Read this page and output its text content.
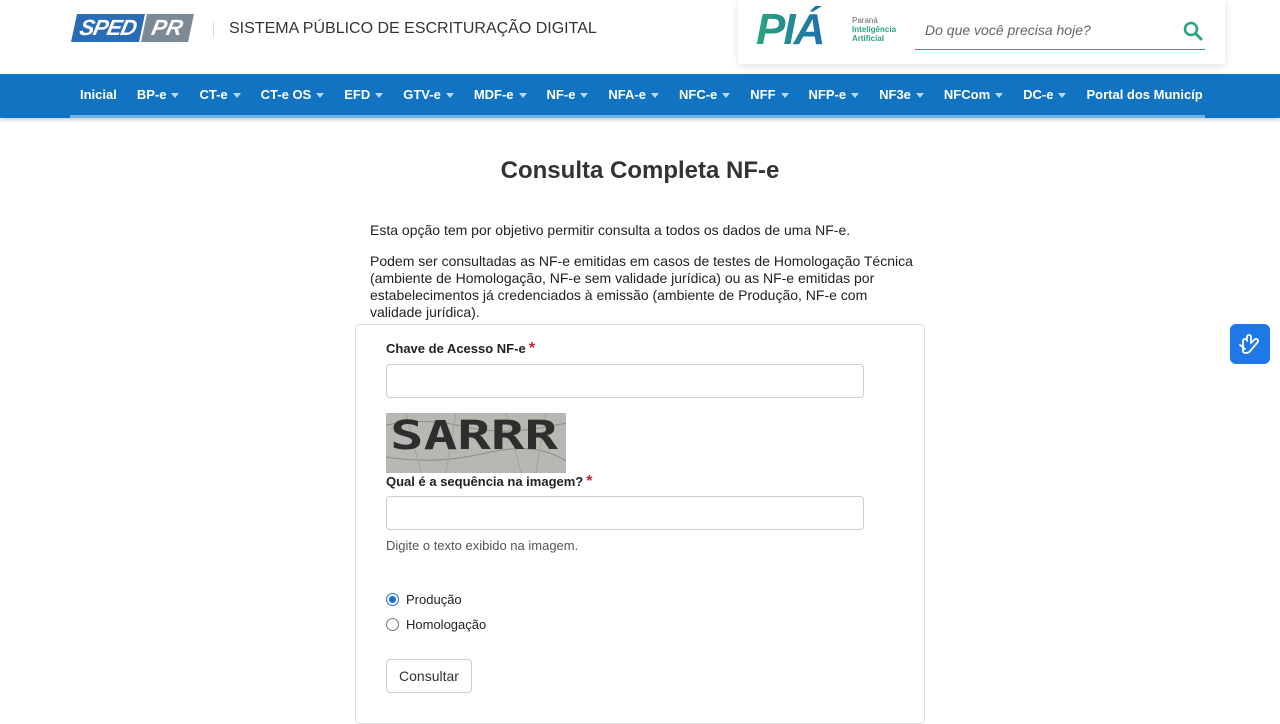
SPED PR	SISTEMA PÚBLICO DE ESCRITURAÇÃO DIGITAL	PIÁ	Paraná
Inteligência
Artificial
Do que você precisa hoje?
Inicial BP-e	CT-e	CT-e OS	EFD	GTV-e	MDF-e	NF-e	NFA-e	NFC-e	NFF	NFP-e	NF3e	NFCom	DC-e	Portal dos Municíp
Consulta Completa NF-e

Esta opção tem por objetivo permitir consulta a todos os dados de uma NF-e.

Podem ser consultadas as NF-e emitidas em casos de testes de Homologação Técnica (ambiente de Homologação, NF-e sem validade jurídica) ou as NF-e emitidas por estabelecimentos já credenciados à emissão (ambiente de Produção, NF-e com validade jurídica).

Chave de Acesso NF-e *
SARRR
Qual é a sequência na imagem? *
Digite o texto exibido na imagem.
Produção
Homologação
Consultar
